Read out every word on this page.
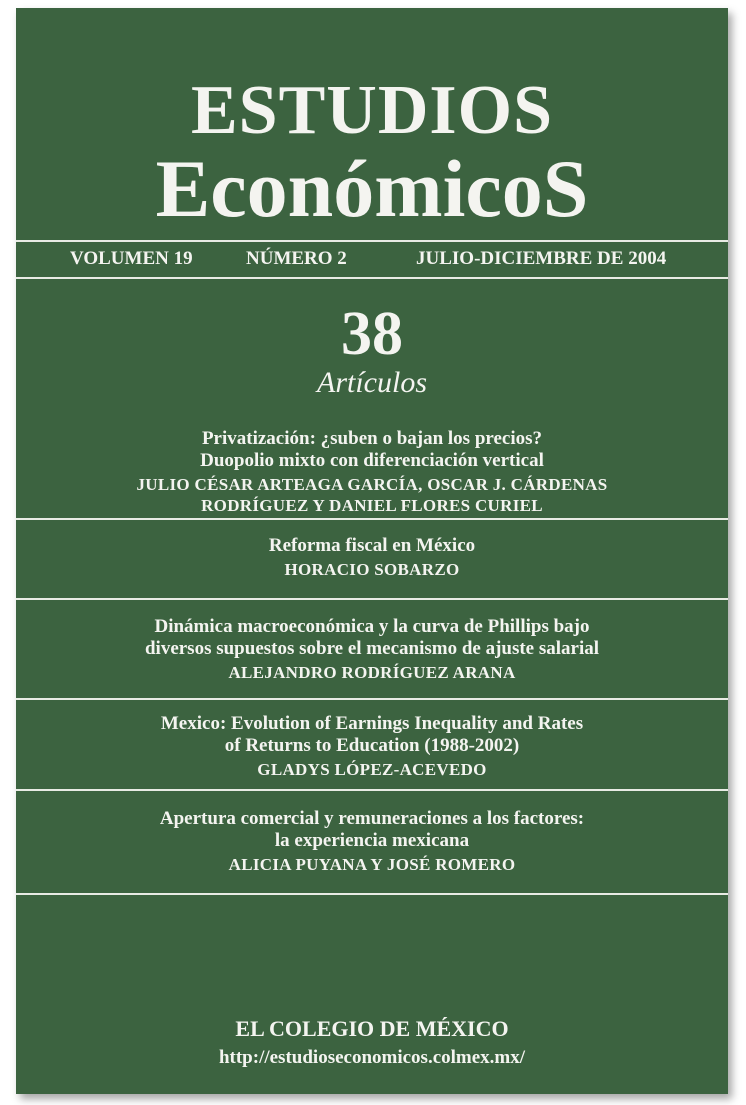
ESTUDIOS
EconómicoS
VOLUMEN 19	NÚMERO 2	JULIO-DICIEMBRE DE 2004
38
Artículos
Privatización: ¿suben o bajan los precios?
Duopolio mixto con diferenciación vertical
JULIO CÉSAR ARTEAGA GARCÍA, OSCAR J. CÁRDENAS
RODRÍGUEZ Y DANIEL FLORES CURIEL
Reforma fiscal en México
HORACIO SOBARZO
Dinámica macroeconómica y la curva de Phillips bajo
diversos supuestos sobre el mecanismo de ajuste salarial
ALEJANDRO RODRÍGUEZ ARANA
Mexico: Evolution of Earnings Inequality and Rates
of Returns to Education (1988-2002)
GLADYS LÓPEZ-ACEVEDO
Apertura comercial y remuneraciones a los factores:
la experiencia mexicana
ALICIA PUYANA Y JOSÉ ROMERO
EL COLEGIO DE MÉXICO
http://estudioseconomicos.colmex.mx/
